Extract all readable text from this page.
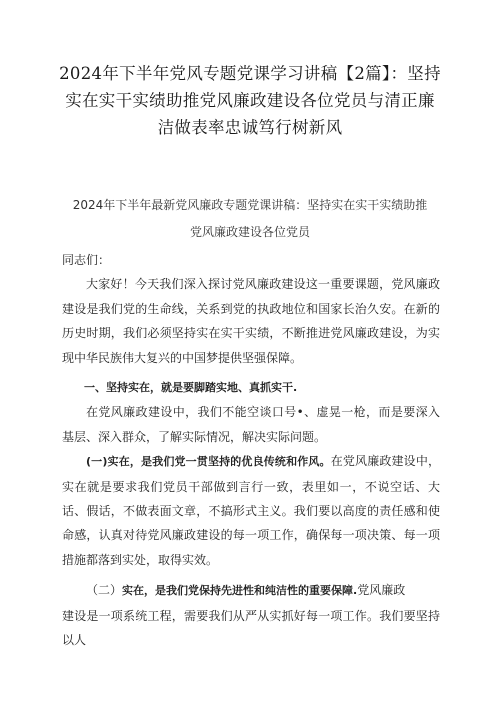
2024年下半年党风专题党课学习讲稿【2篇】：坚持
实在实干实绩助推党风廉政建设各位党员与清正廉
洁做表率忠诚笃行树新风
2024年下半年最新党风廉政专题党课讲稿：坚持实在实干实绩助推
党风廉政建设各位党员

同志们：

大家好！今天我们深入探讨党风廉政建设这一重要课题，党风廉政建设是我们党的生命线，关系到党的执政地位和国家长治久安。在新的历史时期，我们必须坚持实在实干实绩，不断推进党风廉政建设，为实现中华民族伟大复兴的中国梦提供坚强保障。

一、坚持实在，就是要脚踏实地、真抓实干.

在党风廉政建设中，我们不能空谈口号•、虚晃一枪，而是要深入基层、深入群众，了解实际情况，解决实际问题。

(一)实在，是我们党一贯坚持的优良传统和作风。在党风廉政建设中，实在就是要求我们党员干部做到言行一致，表里如一，不说空话、大话、假话，不做表面文章，不搞形式主义。我们要以高度的责任感和使命感，认真对待党风廉政建设的每一项工作，确保每一项决策、每一项措施都落到实处，取得实效。

（二）实在，是我们党保持先进性和纯洁性的重要保障.党风廉政

建设是一项系统工程，需要我们从严从实抓好每一项工作。我们要坚持以人
